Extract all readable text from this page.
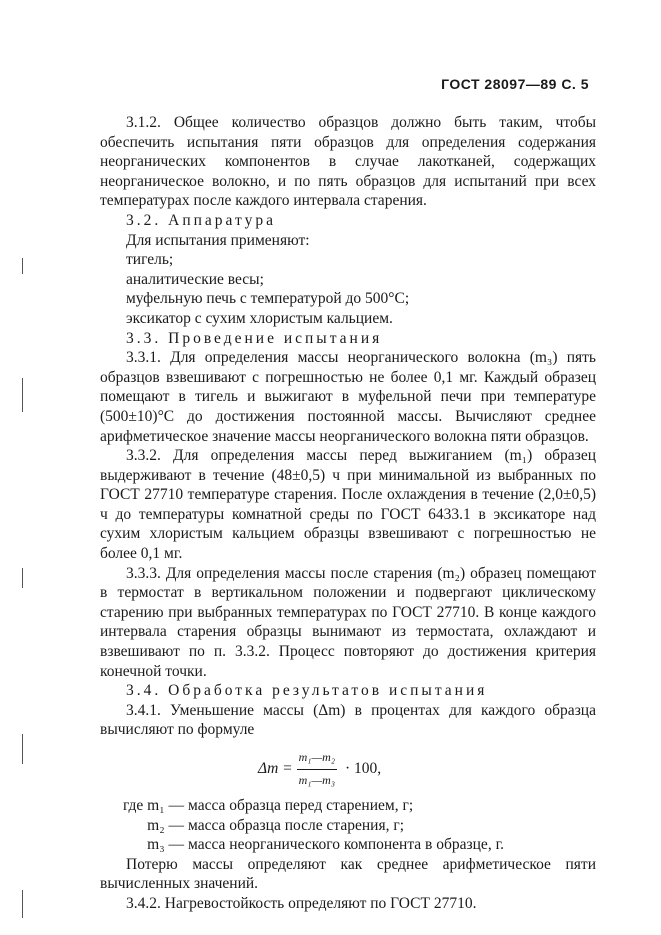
ГОСТ 28097—89 С. 5

3.1.2. Общее количество образцов должно быть таким, чтобы обеспечить испытания пяти образцов для определения содержания неорганических компонентов в случае лакотканей, содержащих неорганическое волокно, и по пять образцов для испытаний при всех температурах после каждого интервала старения.

3.2. Аппаратура

Для испытания применяют:

тигель;

аналитические весы;

муфельную печь с температурой до 500°С;

эксикатор с сухим хлористым кальцием.

3.3. Проведение испытания

3.3.1. Для определения массы неорганического волокна (m₃) пять образцов взвешивают с погрешностью не более 0,1 мг. Каждый образец помещают в тигель и выжигают в муфельной печи при температуре (500±10)°С до достижения постоянной массы. Вычисляют среднее арифметическое значение массы неорганического волокна пяти образцов.

3.3.2. Для определения массы перед выжиганием (m₁) образец выдерживают в течение (48±0,5) ч при минимальной из выбранных по ГОСТ 27710 температуре старения. После охлаждения в течение (2,0±0,5) ч до температуры комнатной среды по ГОСТ 6433.1 в эксикаторе над сухим хлористым кальцием образцы взвешивают с погрешностью не более 0,1 мг.

3.3.3. Для определения массы после старения (m₂) образец помещают в термостат в вертикальном положении и подвергают циклическому старению при выбранных температурах по ГОСТ 27710. В конце каждого интервала старения образцы вынимают из термостата, охлаждают и взвешивают по п. 3.3.2. Процесс повторяют до достижения критерия конечной точки.

3.4. Обработка результатов испытания

3.4.1. Уменьшение массы (Δm) в процентах для каждого образца вычисляют по формуле

$\Delta m = \frac{\text{m₁—m₂}}{\text{m₁—m₃}} \cdot 100$,
где m₁ — масса образца перед старением, г;
m₂ — масса образца после старения, г;
m₃ — масса неорганического компонента в образце, г.

Потерю массы определяют как среднее арифметическое пяти вычисленных значений.

3.4.2. Нагревостойкость определяют по ГОСТ 27710.
